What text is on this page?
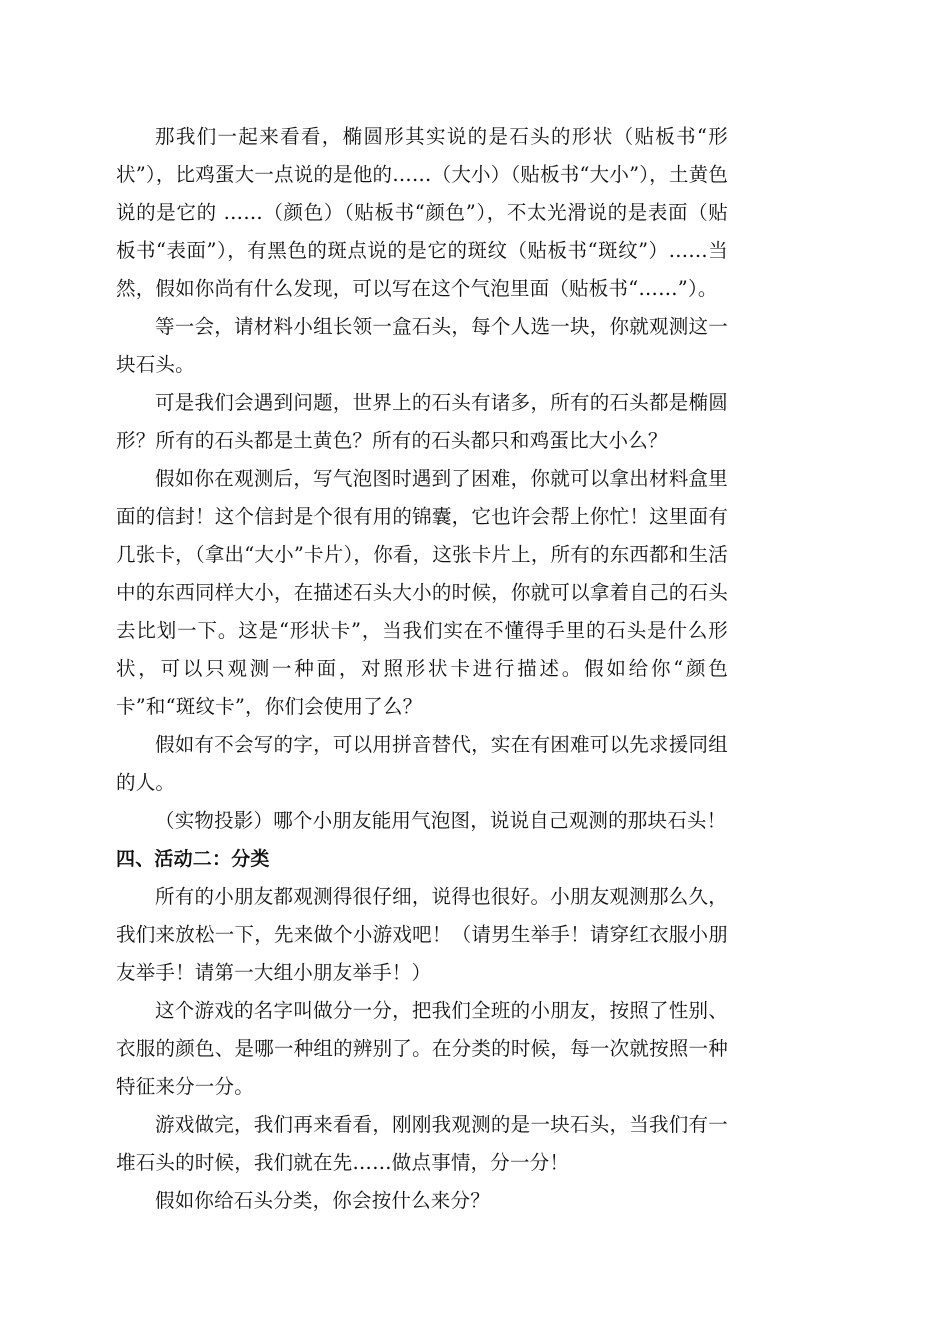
那我们一起来看看，椭圆形其实说的是石头的形状（贴板书“形状”），比鸡蛋大一点说的是他的……（大小）（贴板书“大小”），土黄色说的是它的 ……（颜色）（贴板书“颜色”），不太光滑说的是表面（贴板书“表面”），有黑色的斑点说的是它的斑纹（贴板书“斑纹”）……当然，假如你尚有什么发现，可以写在这个气泡里面（贴板书“……”）。

等一会，请材料小组长领一盒石头，每个人选一块，你就观测这一块石头。

可是我们会遇到问题，世界上的石头有诸多，所有的石头都是椭圆形？所有的石头都是土黄色？所有的石头都只和鸡蛋比大小么？

假如你在观测后，写气泡图时遇到了困难，你就可以拿出材料盒里面的信封！这个信封是个很有用的锦囊，它也许会帮上你忙！这里面有几张卡，（拿出“大小”卡片），你看，这张卡片上，所有的东西都和生活中的东西同样大小，在描述石头大小的时候，你就可以拿着自己的石头去比划一下。这是“形状卡”，当我们实在不懂得手里的石头是什么形状，可以只观测一种面，对照形状卡进行描述。假如给你“颜色卡”和“斑纹卡”，你们会使用了么？

假如有不会写的字，可以用拼音替代，实在有困难可以先求援同组的人。

（实物投影）哪个小朋友能用气泡图，说说自己观测的那块石头！

四、活动二：分类

所有的小朋友都观测得很仔细，说得也很好。小朋友观测那么久，我们来放松一下，先来做个小游戏吧！（请男生举手！请穿红衣服小朋友举手！请第一大组小朋友举手！）

这个游戏的名字叫做分一分，把我们全班的小朋友，按照了性别、衣服的颜色、是哪一种组的辨别了。在分类的时候，每一次就按照一种特征来分一分。

游戏做完，我们再来看看，刚刚我观测的是一块石头，当我们有一堆石头的时候，我们就在先……做点事情，分一分！

假如你给石头分类，你会按什么来分？
